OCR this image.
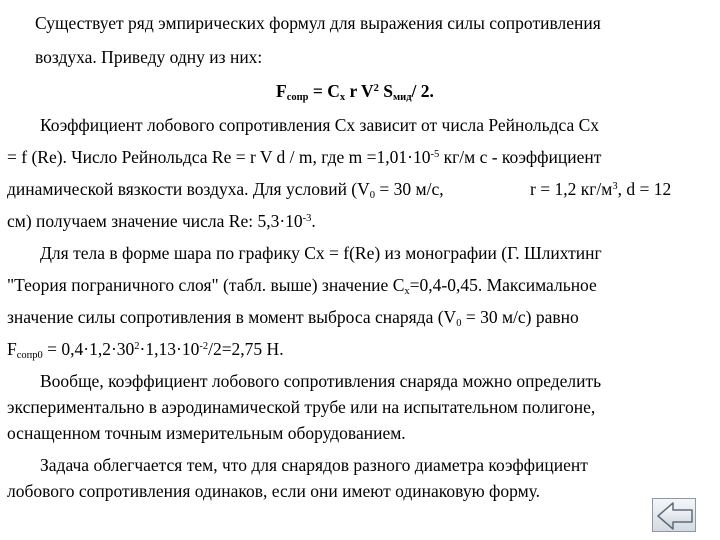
Существует ряд эмпирических формул для выражения силы сопротивления
воздуха. Приведу одну из них:
$F_{сопр} = C_x$ r $V^2$ $S_{мид}/$ 2.
Коэффициент лобового сопротивления Сх зависит от числа Рейнольдса Сх
= f (Re). Число Рейнольдса Re = r V d / m, где $m =1,01\cdot 10^{-5}$ кг/м с - коэффициент
динамической вязкости воздуха. Для условий ($V_0 = 30$ м/с,	r = 1,2 $кг/м^3$, d = 12
см) получаем значение числа Re: $5,3\cdot 10^{-3}$.
Для тела в форме шара по графику Сх = f(Re) из монографии (Г. Шлихтинг
"Теория пограничного слоя" (табл. выше) значение $C_x=0,4-0,45$. Максимальное
значение силы сопротивления в момент выброса снаряда ($V_0 = 30$ м/с) равно
$F_{сопр0} = 0,4\cdot 1,2\cdot 30^2\cdot 1,13\cdot 10^{-2}/2=2,75$ Н.
Вообще, коэффициент лобового сопротивления снаряда можно определить
экспериментально в аэродинамической трубе или на испытательном полигоне,
оснащенном точным измерительным оборудованием.
Задача облегчается тем, что для снарядов разного диаметра коэффициент
лобового сопротивления одинаков, если они имеют одинаковую форму.
